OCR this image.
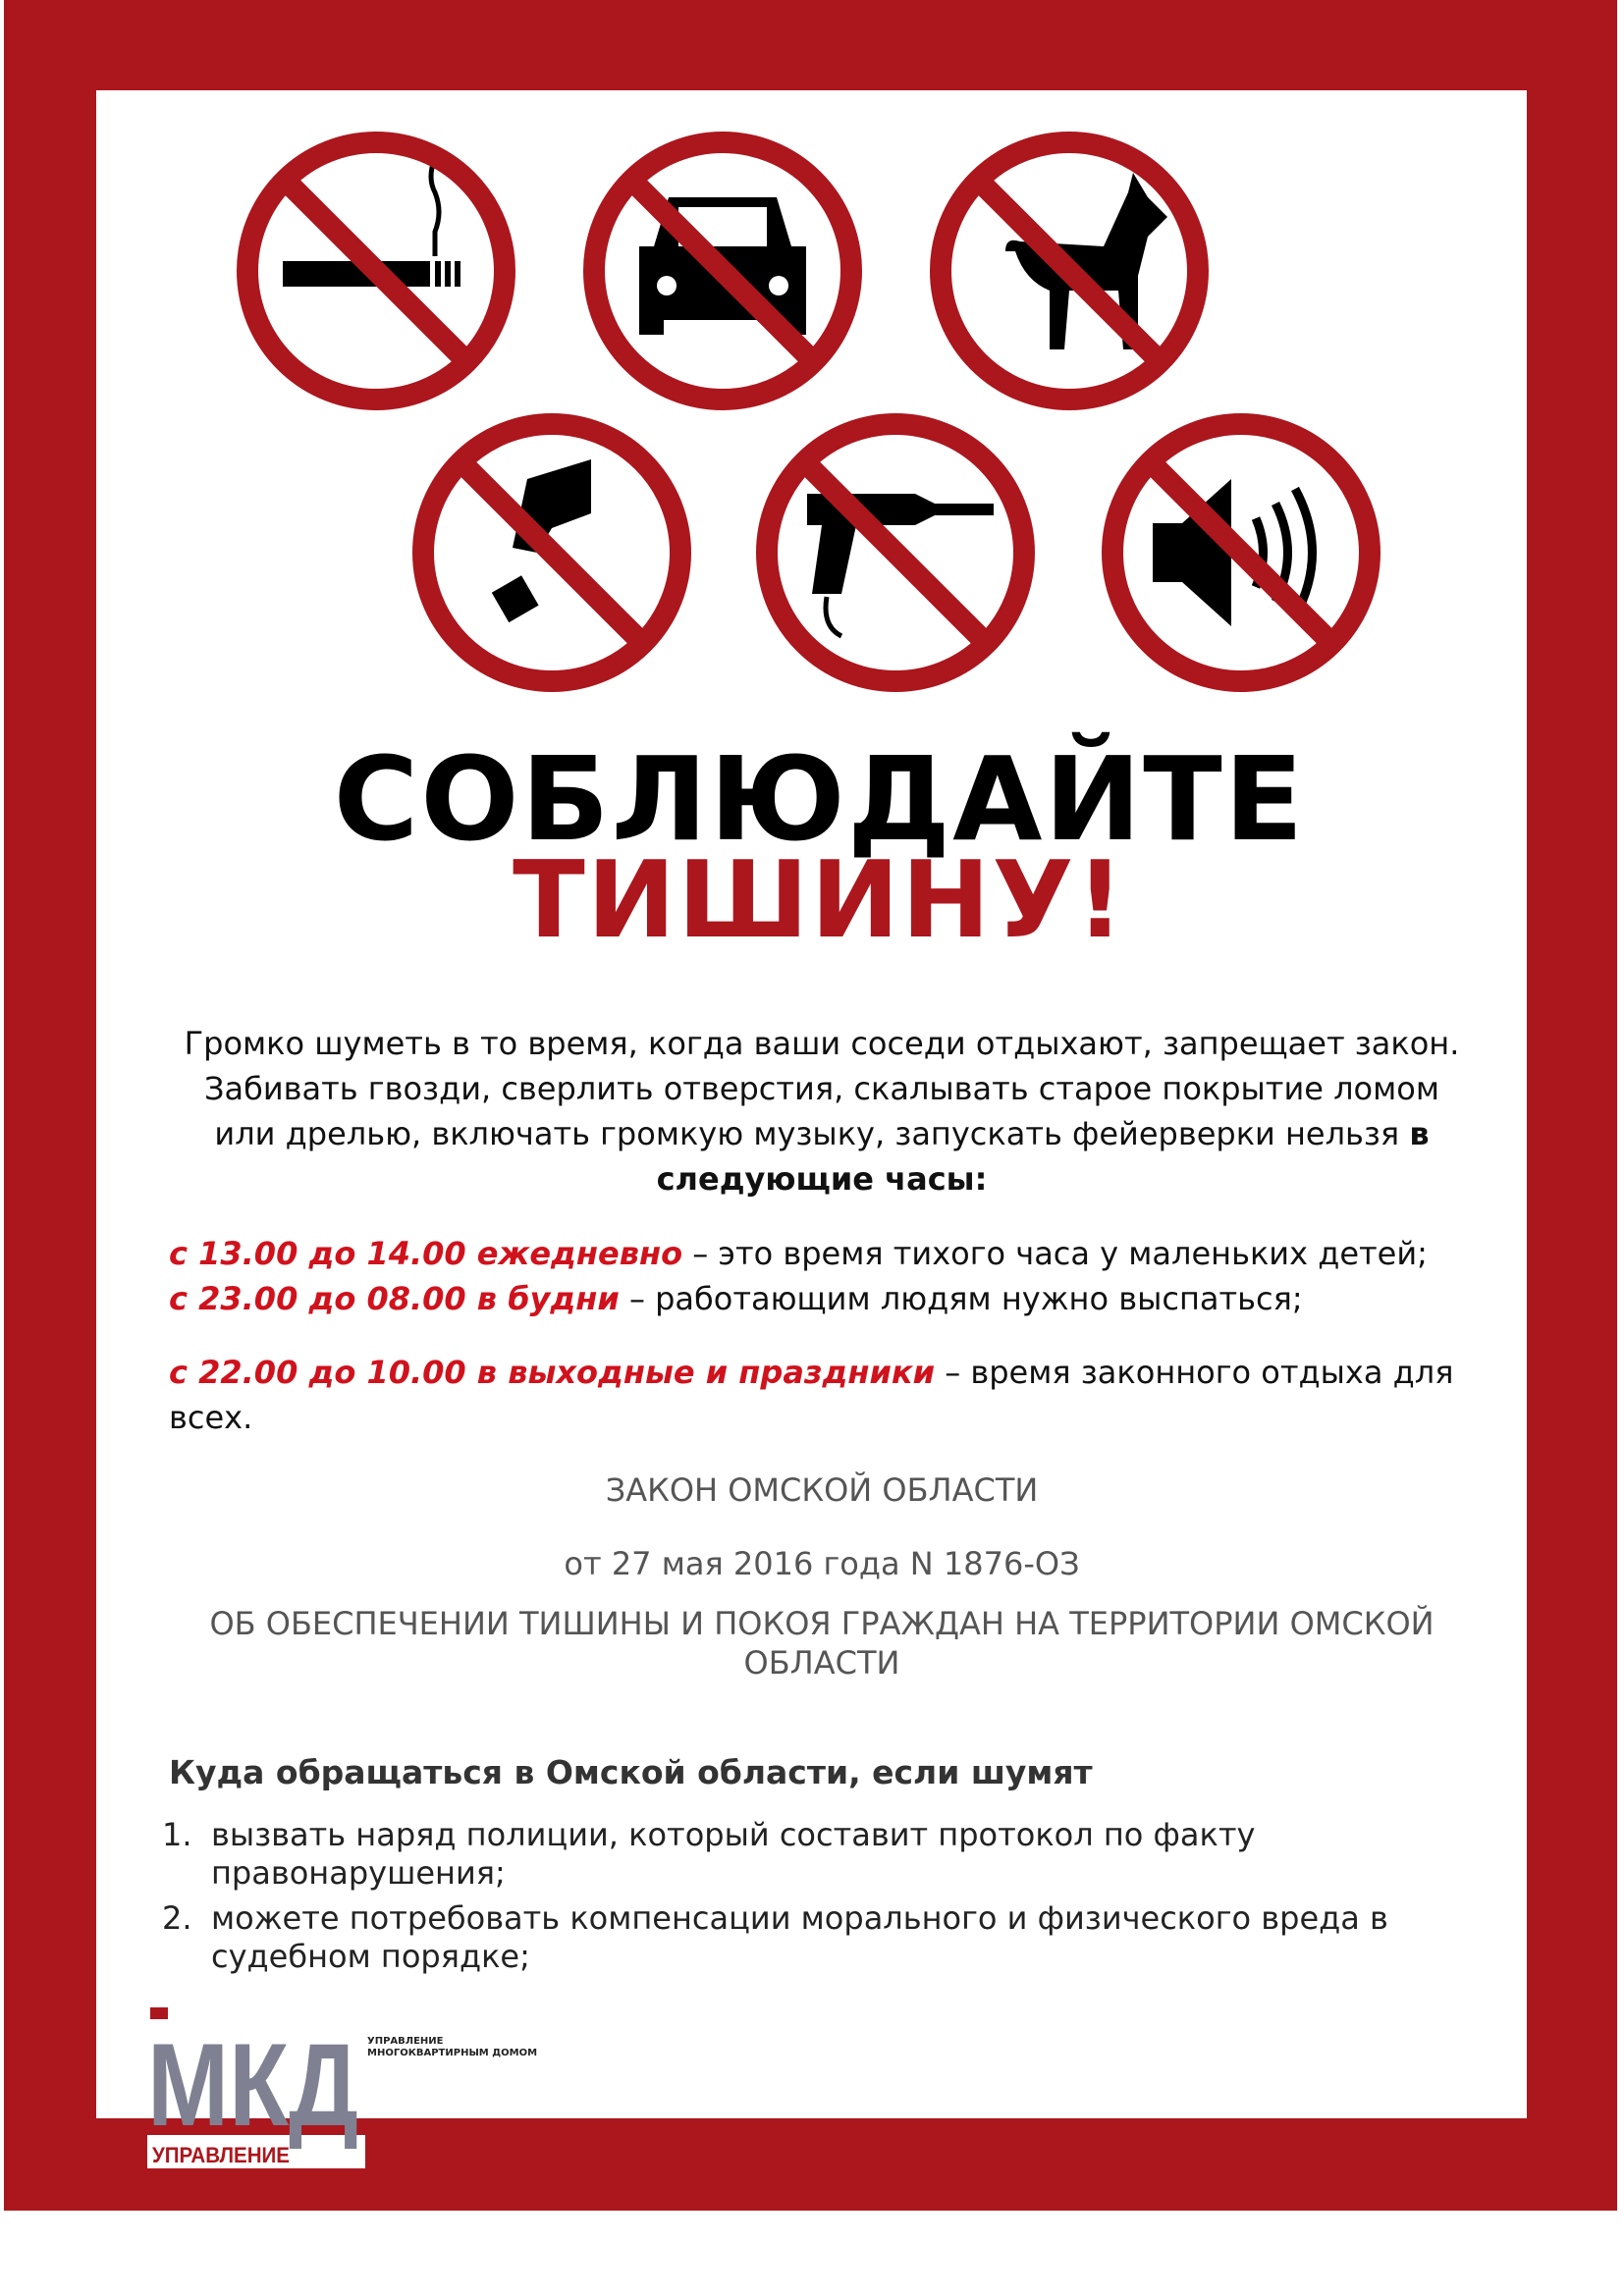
СОБЛЮДАЙТЕ
ТИШИНУ!
Громко шуметь в то время, когда ваши соседи отдыхают, запрещает закон. Забивать гвозди, сверлить отверстия, скалывать старое покрытие ломом или дрелью, включать громкую музыку, запускать фейерверки нельзя в следующие часы:
с 13.00 до 14.00 ежедневно – это время тихого часа у маленьких детей;
с 23.00 до 08.00 в будни – работающим людям нужно выспаться;
с 22.00 до 10.00 в выходные и праздники – время законного отдыха для всех.
ЗАКОН ОМСКОЙ ОБЛАСТИ
от 27 мая 2016 года N 1876-ОЗ
ОБ ОБЕСПЕЧЕНИИ ТИШИНЫ И ПОКОЯ ГРАЖДАН НА ТЕРРИТОРИИ ОМСКОЙ ОБЛАСТИ
Куда обращаться в Омской области, если шумят
1. вызвать наряд полиции, который составит протокол по факту правонарушения;
2. можете потребовать компенсации морального и физического вреда в судебном порядке;
МКД
УПРАВЛЕНИЕ
УПРАВЛЕНИЕ МНОГОКВАРТИРНЫМ ДОМОМ
